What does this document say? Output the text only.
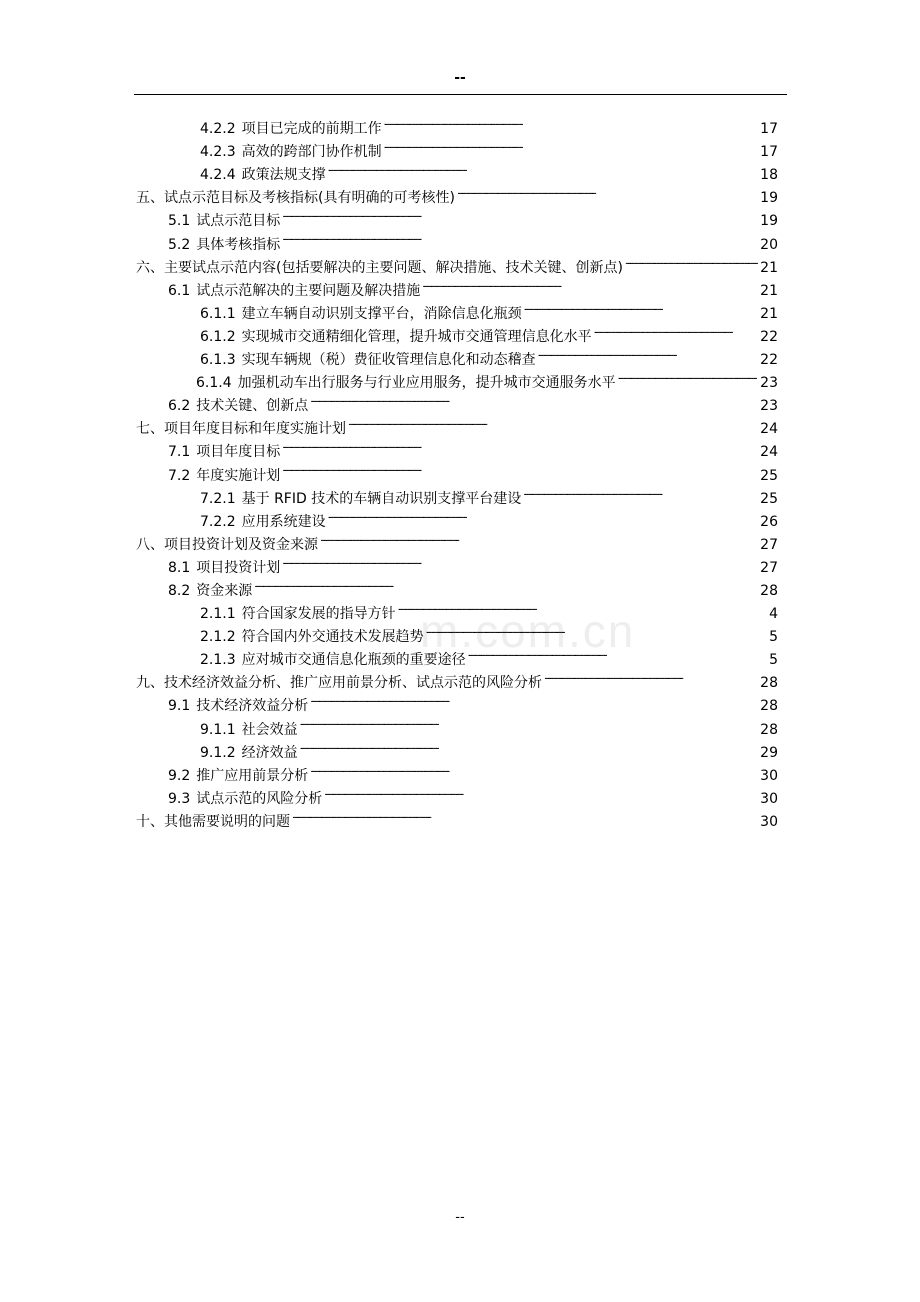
--
m.com.cn
4.2.2 项目已完成的前期工作 . . .	17
4.2.3 高效的跨部门协作机制 . . .	17
4.2.4 政策法规支撑 . . .	18
五、 试点示范目标及考核指标(具有明确的可考核性) . . .	19
5.1 试点示范目标 . . .	19
5.2 具体考核指标 . . .	20
六、 主要试点示范内容(包括要解决的主要问题、解决措施、技术关键、创新点) . . .	21
6.1 试点示范解决的主要问题及解决措施 . . .	21
6.1.1 建立车辆自动识别支撑平台，消除信息化瓶颈 . . .	21
6.1.2 实现城市交通精细化管理，提升城市交通管理信息化水平 . . .	22
6.1.3 实现车辆规（税）费征收管理信息化和动态稽查 . . .	22
6.1.4 加强机动车出行服务与行业应用服务，提升城市交通服务水平 . . .	23
6.2 技术关键、创新点 . . .	23
七、 项目年度目标和年度实施计划 . . .	24
7.1 项目年度目标 . . .	24
7.2 年度实施计划 . . .	25
7.2.1 基于 RFID 技术的车辆自动识别支撑平台建设 . . .	25
7.2.2 应用系统建设 . . .	26
八、 项目投资计划及资金来源 . . .	27
8.1 项目投资计划 . . .	27
8.2 资金来源 . . .	28
2.1.1 符合国家发展的指导方针 . . .	4
2.1.2 符合国内外交通技术发展趋势 . . .	5
2.1.3 应对城市交通信息化瓶颈的重要途径 . . .	5
九、 技术经济效益分析、推广应用前景分析、试点示范的风险分析 . . .	28
9.1 技术经济效益分析 . . .	28
9.1.1 社会效益 . . .	28
9.1.2 经济效益 . . .	29
9.2 推广应用前景分析 . . .	30
9.3 试点示范的风险分析 . . .	30
十、 其他需要说明的问题 . . .	30
--
